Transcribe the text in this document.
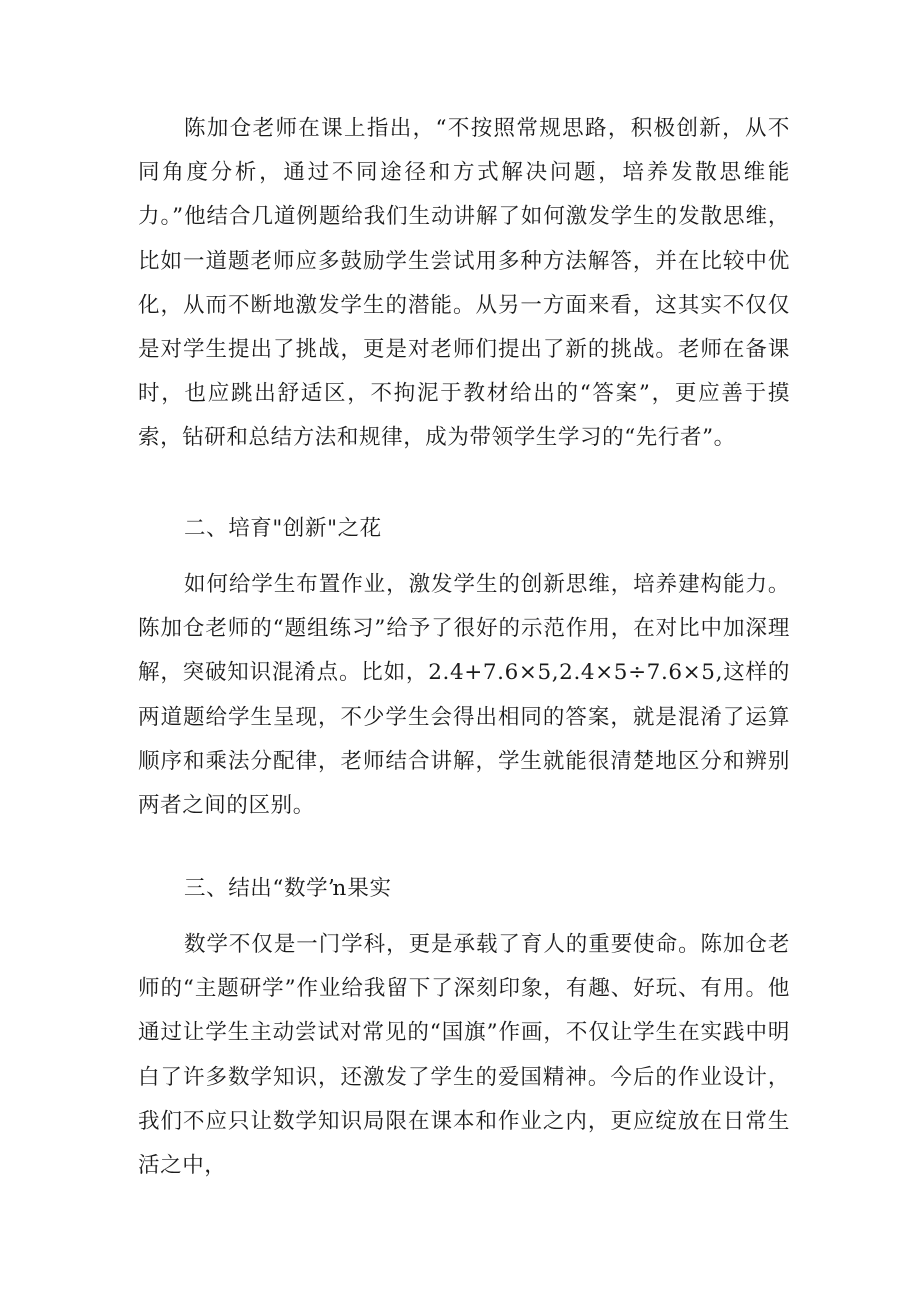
陈加仓老师在课上指出，“不按照常规思路，积极创新，从不同角度分析，通过不同途径和方式解决问题，培养发散思维能力。”他结合几道例题给我们生动讲解了如何激发学生的发散思维，比如一道题老师应多鼓励学生尝试用多种方法解答，并在比较中优化，从而不断地激发学生的潜能。从另一方面来看，这其实不仅仅是对学生提出了挑战，更是对老师们提出了新的挑战。老师在备课时，也应跳出舒适区，不拘泥于教材给出的“答案”，更应善于摸索，钻研和总结方法和规律，成为带领学生学习的“先行者”。

二、培育"创新"之花

如何给学生布置作业，激发学生的创新思维，培养建构能力。陈加仓老师的“题组练习”给予了很好的示范作用，在对比中加深理解，突破知识混淆点。比如，2.4+7.6×5,2.4×5÷7.6×5,这样的两道题给学生呈现，不少学生会得出相同的答案，就是混淆了运算顺序和乘法分配律，老师结合讲解，学生就能很清楚地区分和辨别两者之间的区别。

三、结出“数学ŉ果实

数学不仅是一门学科，更是承载了育人的重要使命。陈加仓老师的“主题研学”作业给我留下了深刻印象，有趣、好玩、有用。他通过让学生主动尝试对常见的“国旗”作画，不仅让学生在实践中明白了许多数学知识，还激发了学生的爱国精神。今后的作业设计，我们不应只让数学知识局限在课本和作业之内，更应绽放在日常生活之中，
